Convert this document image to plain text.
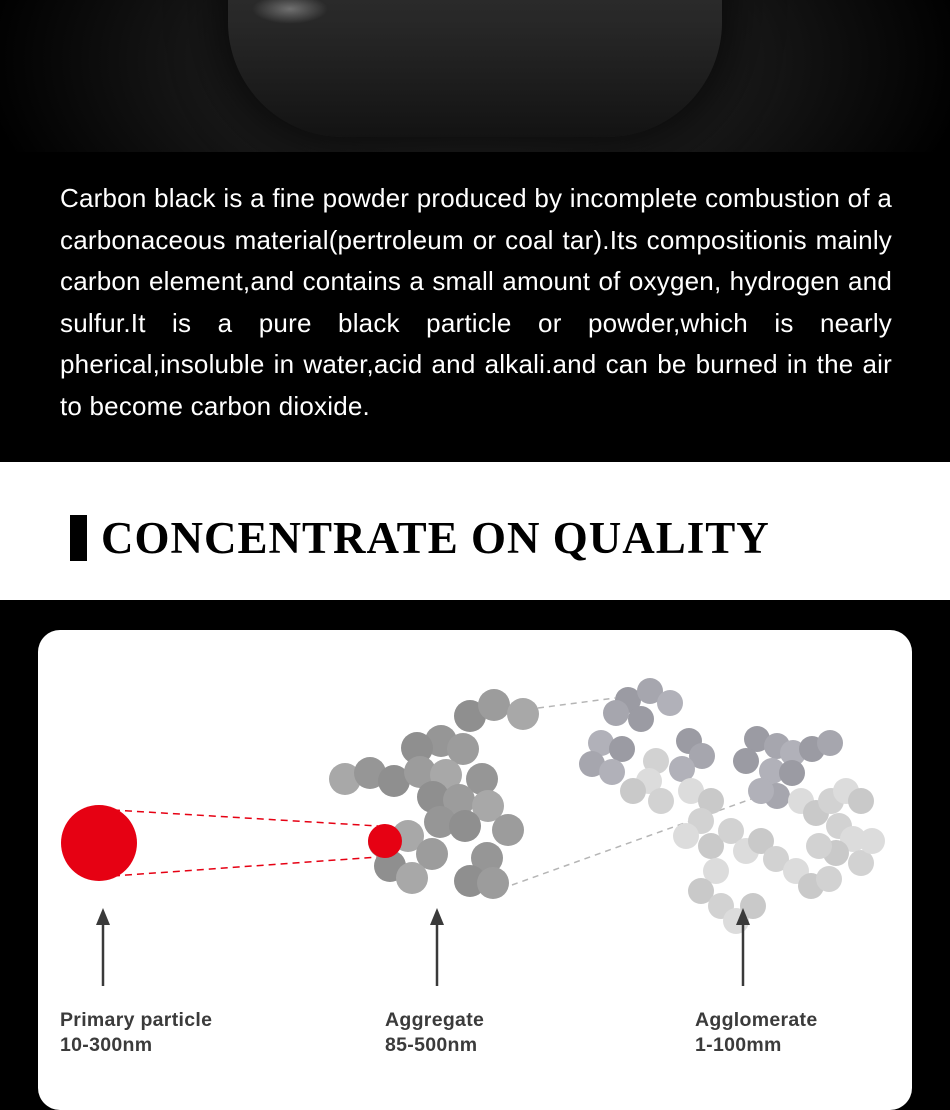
Carbon black is a fine powder produced by incomplete combustion of a carbonaceous material(pertroleum or coal tar).Its compositionis mainly carbon element,and contains a small amount of oxygen, hydrogen and sulfur.It is a pure black particle or powder,which is nearly pherical,insoluble in water,acid and alkali.and can be burned in the air to become carbon dioxide.

CONCENTRATE ON QUALITY
Primary particle
10-300nm
Aggregate
85-500nm
Agglomerate
1-100mm
